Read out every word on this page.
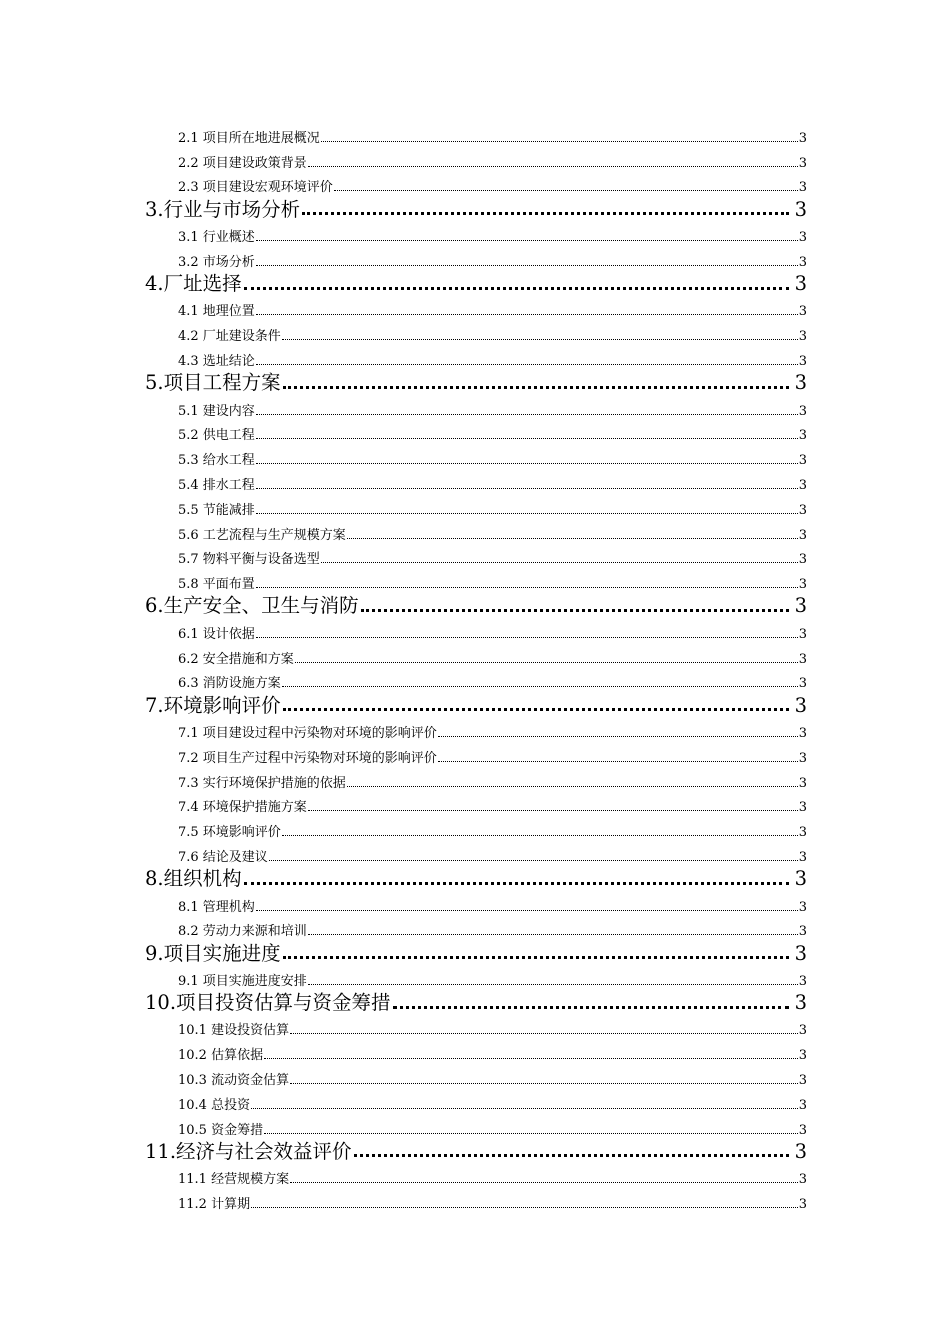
2.1 项目所在地进展概况	3
2.2 项目建设政策背景	3
2.3 项目建设宏观环境评价	3
3.行业与市场分析	3
3.1 行业概述	3
3.2 市场分析	3
4.厂址选择	3
4.1 地理位置	3
4.2 厂址建设条件	3
4.3 选址结论	3
5.项目工程方案	3
5.1 建设内容	3
5.2 供电工程	3
5.3 给水工程	3
5.4 排水工程	3
5.5 节能减排	3
5.6 工艺流程与生产规模方案	3
5.7 物料平衡与设备选型	3
5.8 平面布置	3
6.生产安全、卫生与消防	3
6.1 设计依据	3
6.2 安全措施和方案	3
6.3 消防设施方案	3
7.环境影响评价	3
7.1 项目建设过程中污染物对环境的影响评价	3
7.2 项目生产过程中污染物对环境的影响评价	3
7.3 实行环境保护措施的依据	3
7.4 环境保护措施方案	3
7.5 环境影响评价	3
7.6 结论及建议	3
8.组织机构	3
8.1 管理机构	3
8.2 劳动力来源和培训	3
9.项目实施进度	3
9.1 项目实施进度安排	3
10.项目投资估算与资金筹措	3
10.1 建设投资估算	3
10.2 估算依据	3
10.3 流动资金估算	3
10.4 总投资	3
10.5 资金筹措	3
11.经济与社会效益评价	3
11.1 经营规模方案	3
11.2 计算期	3
